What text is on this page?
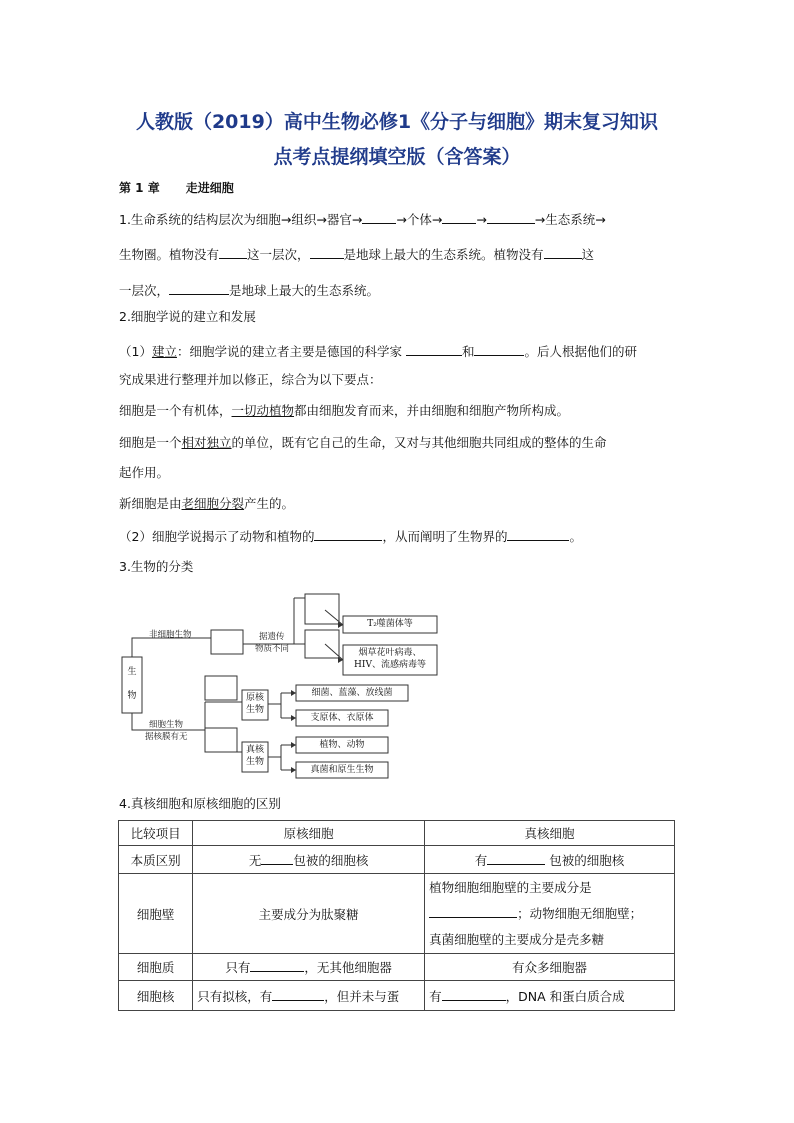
人教版（2019）高中生物必修1《分子与细胞》期末复习知识
点考点提纲填空版（含答案）
第 1 章 走进细胞
1.生命系统的结构层次为细胞→组织→器官→	→个体→	→	→生态系统→
生物圈。植物没有 这一层次，	是地球上最大的生态系统。植物没有	这
一层次，	是地球上最大的生态系统。
2.细胞学说的建立和发展
（1）建立：细胞学说的建立者主要是德国的科学家	和	。后人根据他们的研
究成果进行整理并加以修正，综合为以下要点：
细胞是一个有机体，一切动植物都由细胞发育而来，并由细胞和细胞产物所构成。
细胞是一个相对独立的单位，既有它自己的生命，又对与其他细胞共同组成的整体的生命
起作用。
新细胞是由老细胞分裂产生的。
（2）细胞学说揭示了动物和植物的	，从而阐明了生物界的	。
3.生物的分类
生
物
非细胞生物
细胞生物
据核膜有无
据遗传
物质不同
T₂噬菌体等
烟草花叶病毒、
HIV、流感病毒等
原核
生物
真核
生物
细菌、蓝藻、放线菌
支原体、衣原体
植物、动物
真菌和原生生物
4.真核细胞和原核细胞的区别
比较项目	原核细胞	真核细胞
本质区别	无 包被的细胞核	有 包被的细胞核
细胞壁	主要成分为肽聚糖	植物细胞细胞壁的主要成分是
；动物细胞无细胞壁；
真菌细胞壁的主要成分是壳多糖

细胞质	只有 ，无其他细胞器	有众多细胞器
细胞核	只有拟核，有 ，但并未与蛋	有 ，DNA 和蛋白质合成
